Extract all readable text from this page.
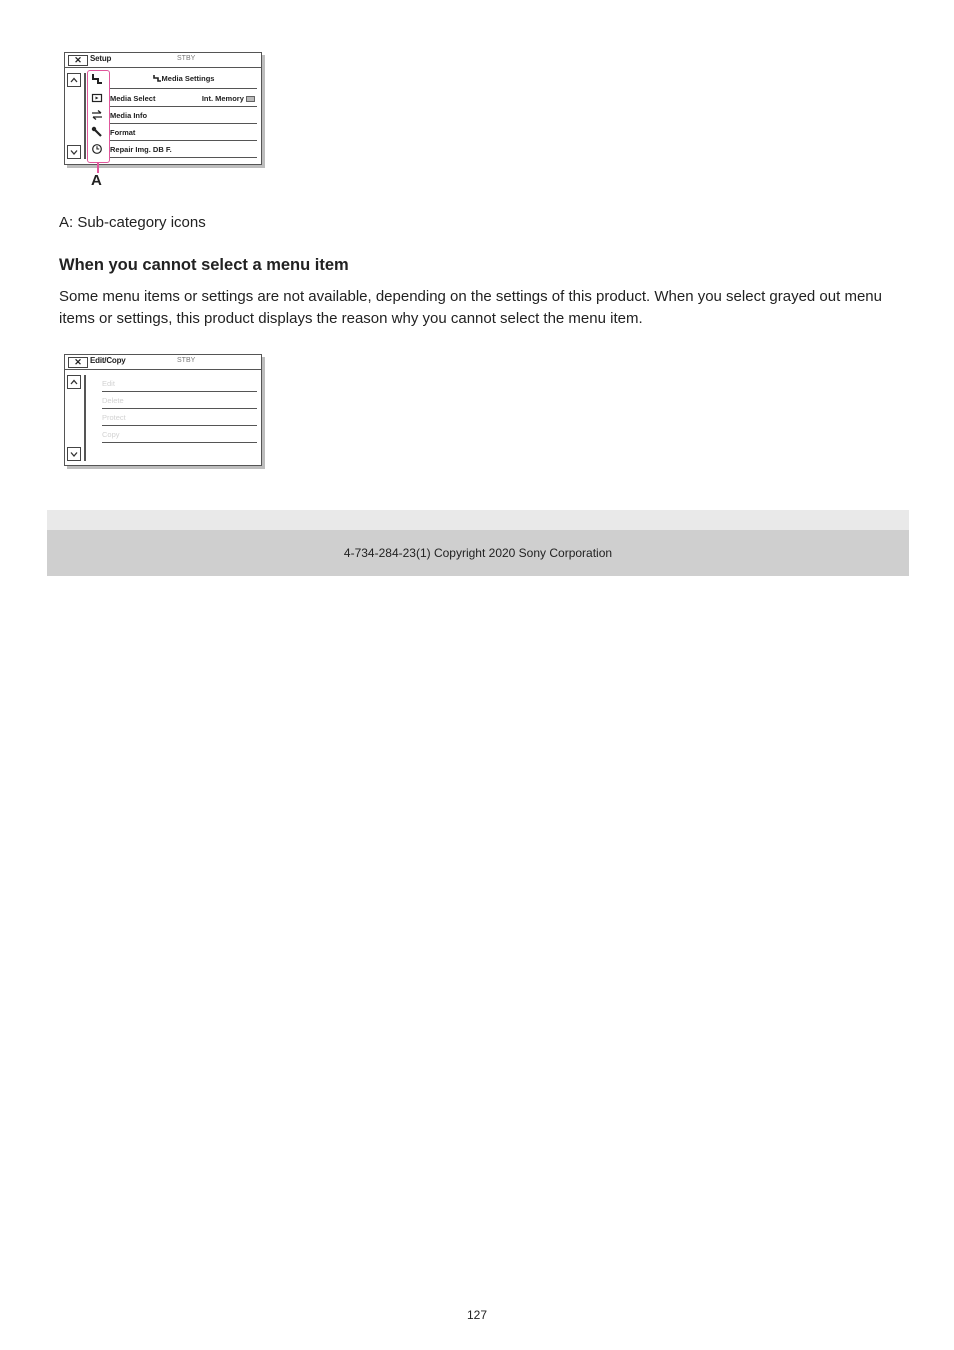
✕	Setup	STBY
Media Settings
Media Select	Int. Memory
Media Info
Format
Repair Img. DB F.
A
A: Sub-category icons
When you cannot select a menu item
Some menu items or settings are not available, depending on the settings of this product. When you select grayed out menu items or settings, this product displays the reason why you cannot select the menu item.
✕	Edit/Copy	STBY
Edit
Delete
Protect
Copy
4-734-284-23(1) Copyright 2020 Sony Corporation
127
